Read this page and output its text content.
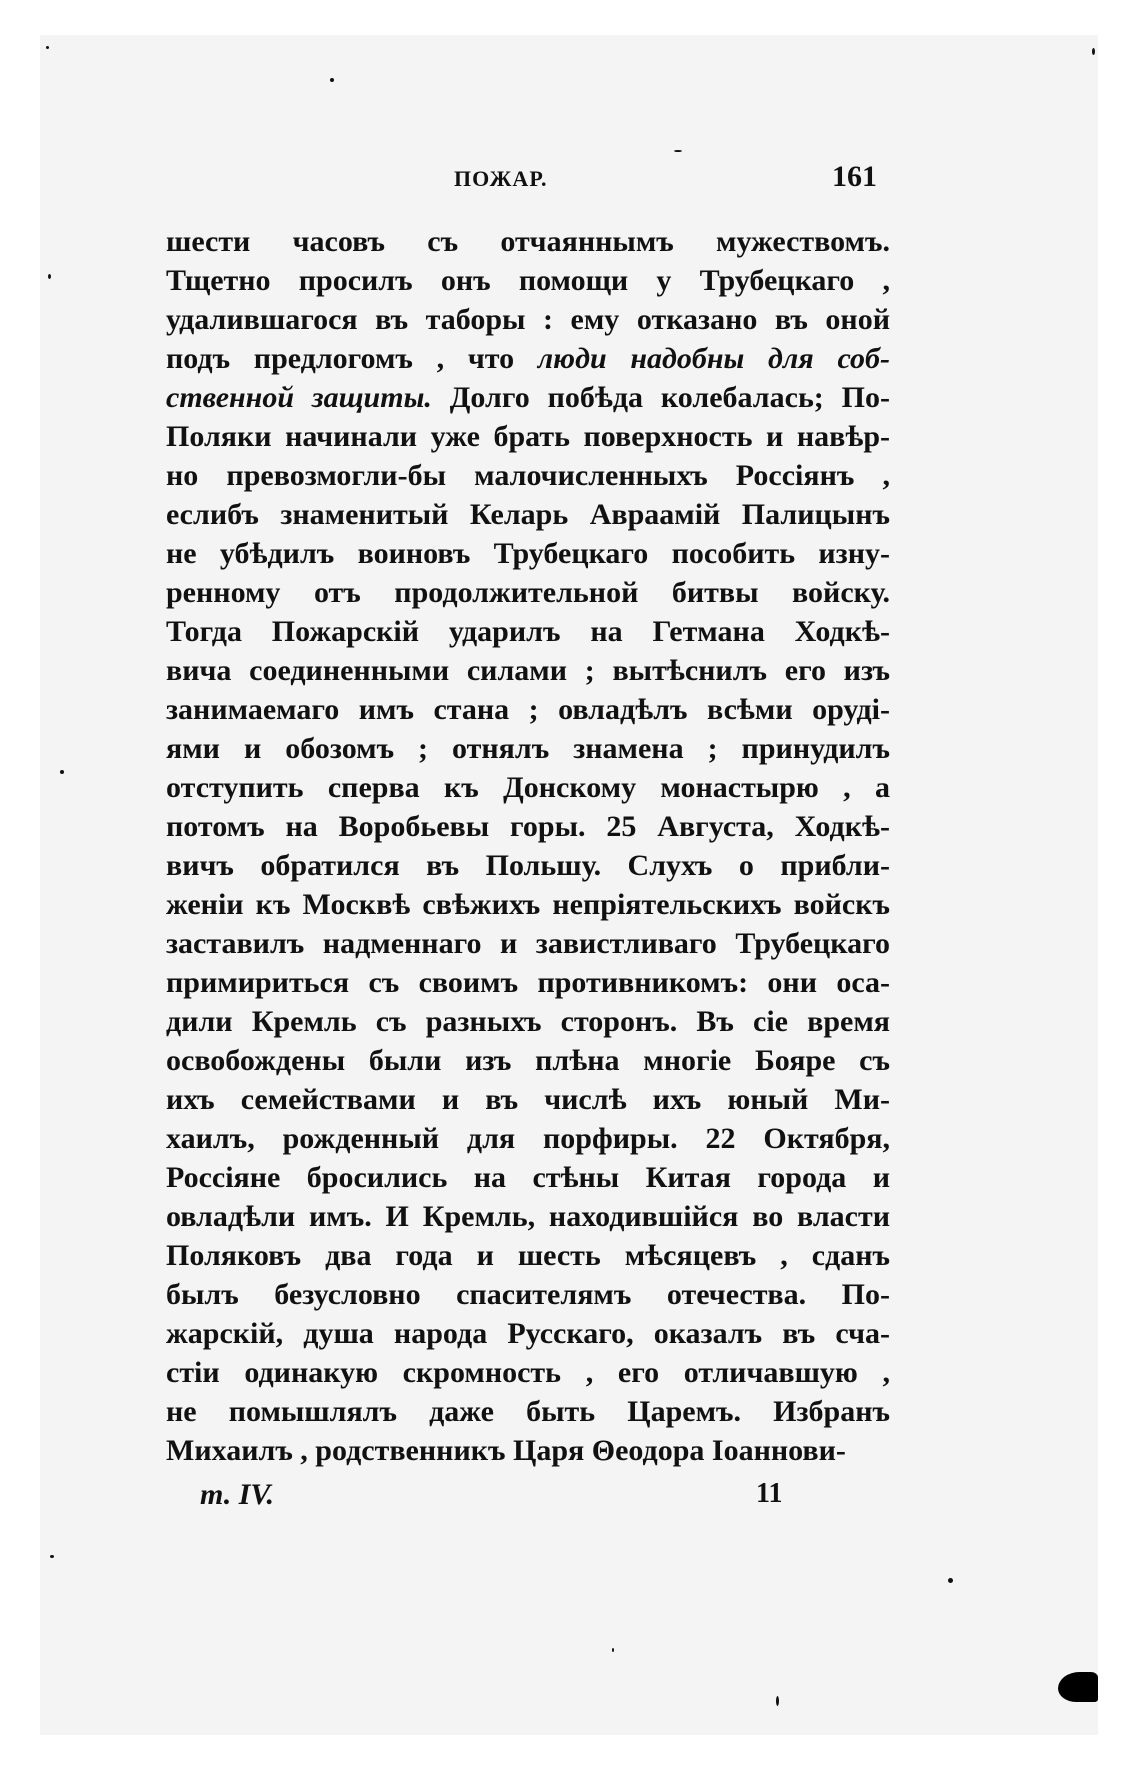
ПОЖАР.	161
шести часовъ съ отчаяннымъ мужествомъ.
Тщетно просилъ онъ помощи у Трубецкаго ,
удалившагося въ таборы : ему отказано въ оной
подъ предлогомъ , что люди надобны для соб-
ственной защиты. Долго побѣда колебалась; По-
Поляки начинали уже брать поверхность и навѣр-
но превозмогли-бы малочисленныхъ Россіянъ ,
еслибъ знаменитый Келарь Авраамій Палицынъ
не убѣдилъ воиновъ Трубецкаго пособить изну-
ренному отъ продолжительной битвы войску.
Тогда Пожарскій ударилъ на Гетмана Ходкѣ-
вича соединенными силами ; вытѣснилъ его изъ
занимаемаго имъ стана ; овладѣлъ всѣми орудi-
ями и обозомъ ; отнялъ знамена ; принудилъ
отступить сперва къ Донскому монастырю , а
потомъ на Воробьевы горы. 25 Августа, Ходкѣ-
вичъ обратился въ Польшу. Слухъ о прибли-
женіи къ Москвѣ свѣжихъ непріятельскихъ войскъ
заставилъ надменнаго и завистливаго Трубецкаго
примириться съ своимъ противникомъ: они оса-
дили Кремль съ разныхъ сторонъ. Въ сіе время
освобождены были изъ плѣна многіе Бояре съ
ихъ семействами и въ числѣ ихъ юный Ми-
хаилъ, рожденный для порфиры. 22 Октября,
Россіяне бросились на стѣны Китая города и
овладѣли имъ. И Кремль, находившійся во власти
Поляковъ два года и шесть мѣсяцевъ , сданъ
былъ безусловно спасителямъ отечества. По-
жарскій, душа народа Русскаго, оказалъ въ сча-
стіи одинакую скромность , его отличавшую ,
не помышлялъ даже быть Царемъ. Избранъ
Михаилъ , родственникъ Царя Θеодора Іоаннови-
т. IV.	11
